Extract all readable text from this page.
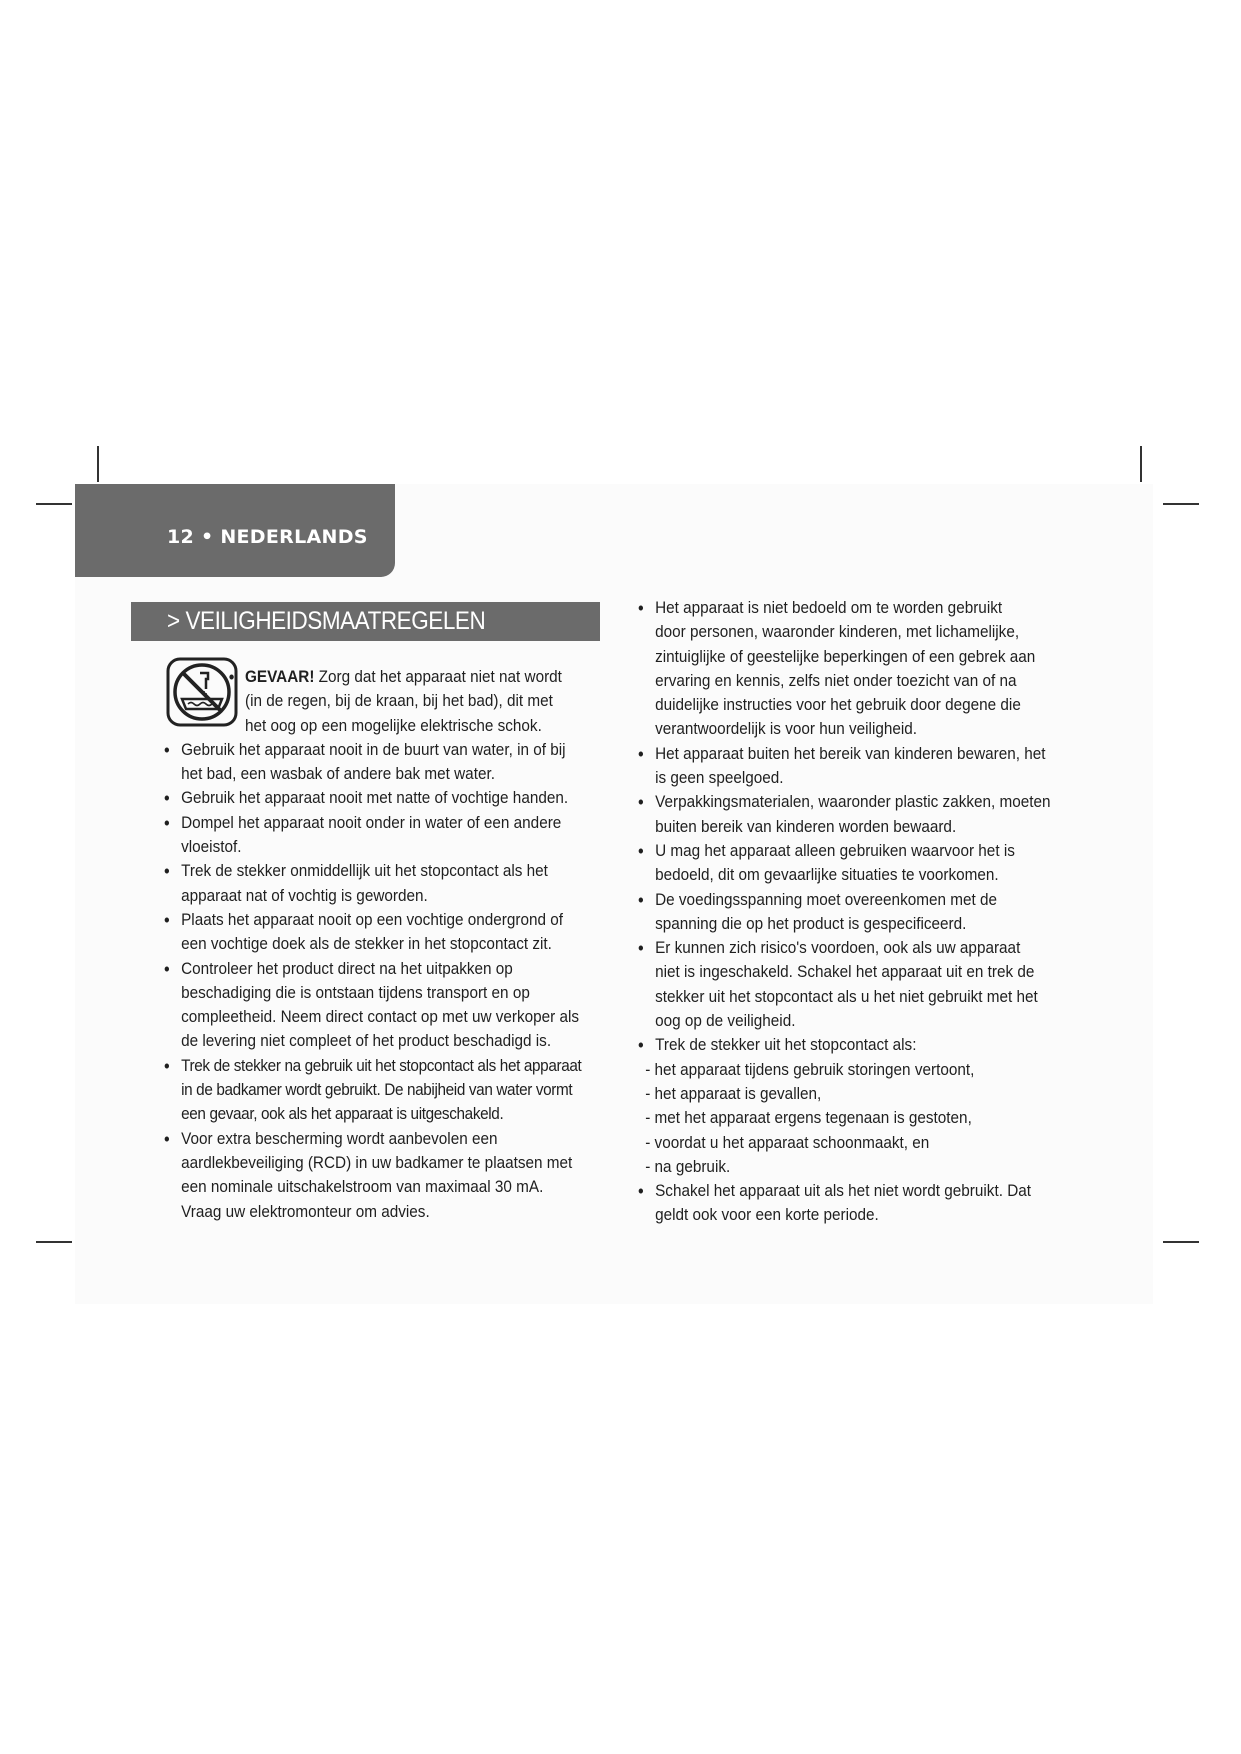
12 • NEDERLANDS
> VEILIGHEIDSMAATREGELEN

• GEVAAR! Zorg dat het apparaat niet nat wordt
(in de regen, bij de kraan, bij het bad), dit met
het oog op een mogelijke elektrische schok.

• Gebruik het apparaat nooit in de buurt van water, in of bij
het bad, een wasbak of andere bak met water.

• Gebruik het apparaat nooit met natte of vochtige handen.

• Dompel het apparaat nooit onder in water of een andere
vloeistof.

• Trek de stekker onmiddellijk uit het stopcontact als het
apparaat nat of vochtig is geworden.

• Plaats het apparaat nooit op een vochtige ondergrond of
een vochtige doek als de stekker in het stopcontact zit.

• Controleer het product direct na het uitpakken op
beschadiging die is ontstaan tijdens transport en op
compleetheid. Neem direct contact op met uw verkoper als
de levering niet compleet of het product beschadigd is.

• Trek de stekker na gebruik uit het stopcontact als het apparaat
in de badkamer wordt gebruikt. De nabijheid van water vormt
een gevaar, ook als het apparaat is uitgeschakeld.

• Voor extra bescherming wordt aanbevolen een
aardlekbeveiliging (RCD) in uw badkamer te plaatsen met
een nominale uitschakelstroom van maximaal 30 mA.
Vraag uw elektromonteur om advies.

• Het apparaat is niet bedoeld om te worden gebruikt
door personen, waaronder kinderen, met lichamelijke,
zintuiglijke of geestelijke beperkingen of een gebrek aan
ervaring en kennis, zelfs niet onder toezicht van of na
duidelijke instructies voor het gebruik door degene die
verantwoordelijk is voor hun veiligheid.

• Het apparaat buiten het bereik van kinderen bewaren, het
is geen speelgoed.

• Verpakkingsmaterialen, waaronder plastic zakken, moeten
buiten bereik van kinderen worden bewaard.

• U mag het apparaat alleen gebruiken waarvoor het is
bedoeld, dit om gevaarlijke situaties te voorkomen.

• De voedingsspanning moet overeenkomen met de
spanning die op het product is gespecificeerd.

• Er kunnen zich risico's voordoen, ook als uw apparaat
niet is ingeschakeld. Schakel het apparaat uit en trek de
stekker uit het stopcontact als u het niet gebruikt met het
oog op de veiligheid.

• Trek de stekker uit het stopcontact als:

- het apparaat tijdens gebruik storingen vertoont,

- het apparaat is gevallen,

- met het apparaat ergens tegenaan is gestoten,

- voordat u het apparaat schoonmaakt, en

- na gebruik.

• Schakel het apparaat uit als het niet wordt gebruikt. Dat
geldt ook voor een korte periode.
